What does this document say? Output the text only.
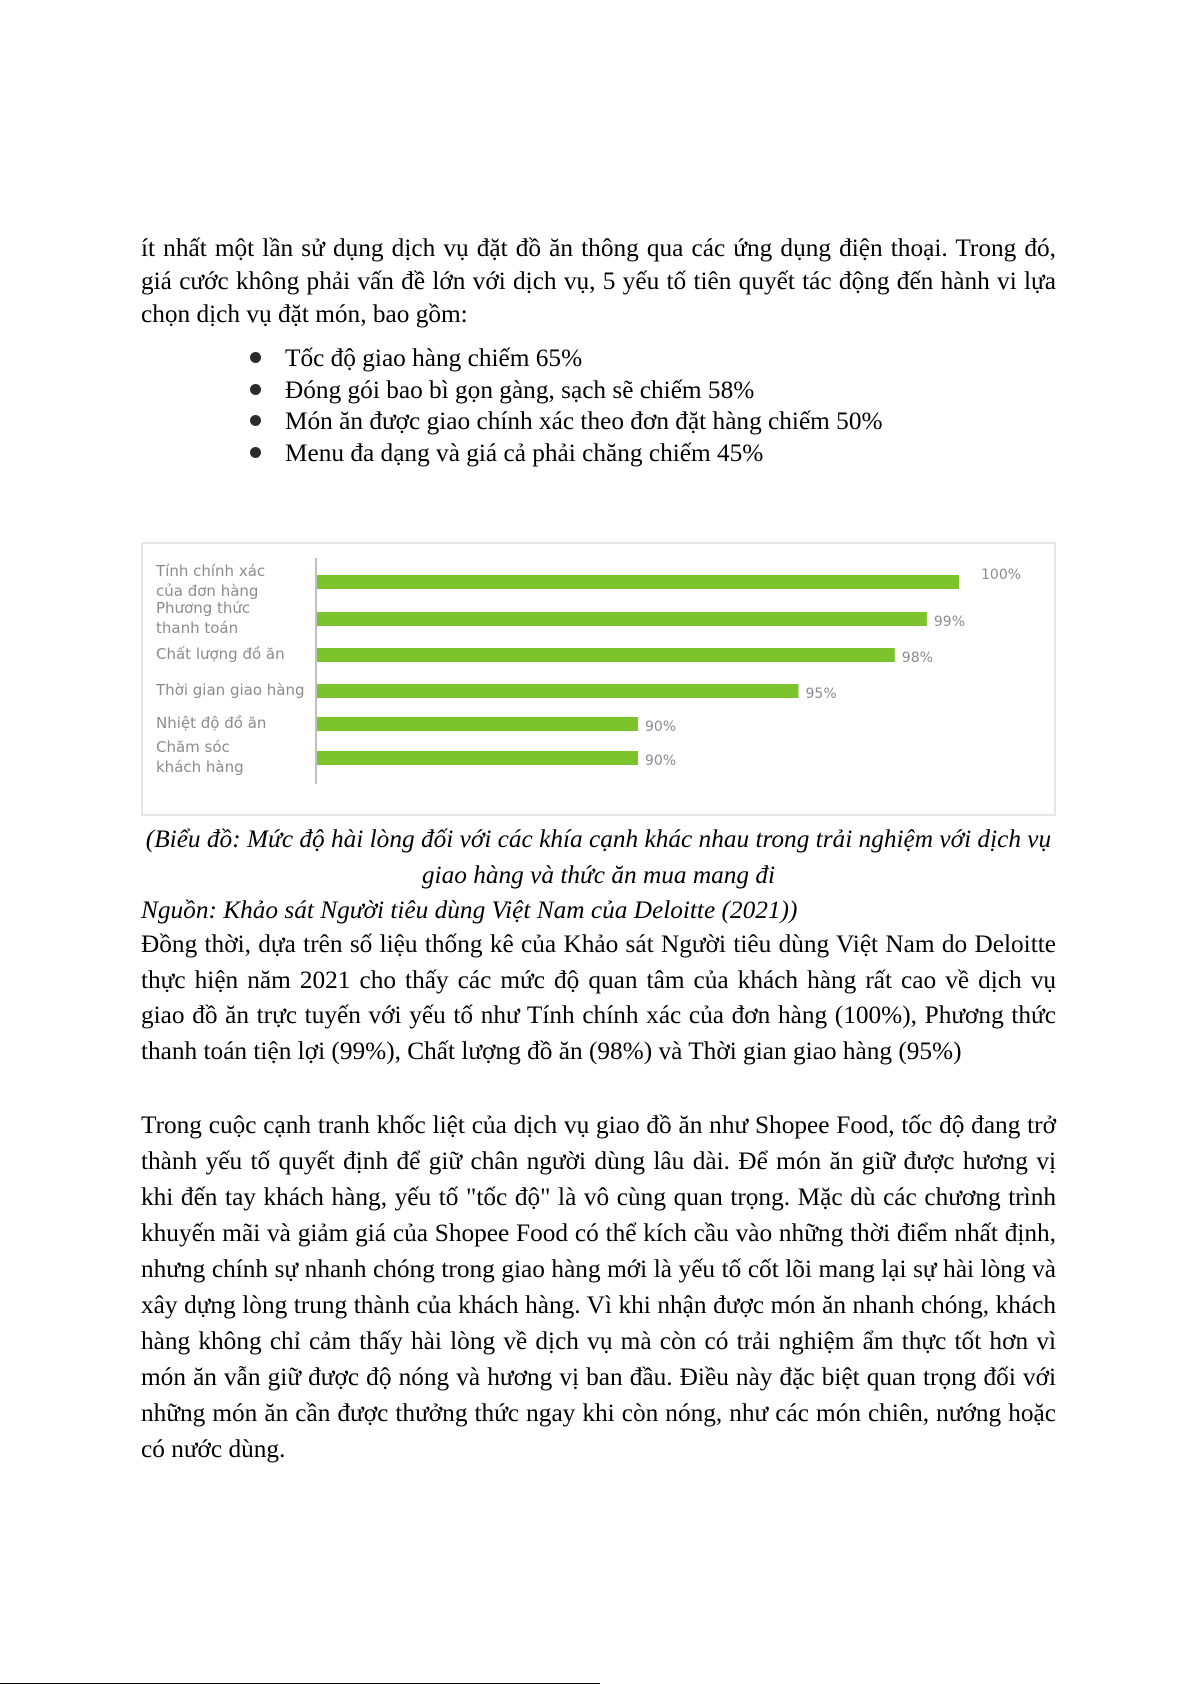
ít nhất một lần sử dụng dịch vụ đặt đồ ăn thông qua các ứng dụng điện thoại. Trong đó, giá cước không phải vấn đề lớn với dịch vụ, 5 yếu tố tiên quyết tác động đến hành vi lựa chọn dịch vụ đặt món, bao gồm:

Tốc độ giao hàng chiếm 65%
Đóng gói bao bì gọn gàng, sạch sẽ chiếm 58%
Món ăn được giao chính xác theo đơn đặt hàng chiếm 50%
Menu đa dạng và giá cả phải chăng chiếm 45%
100%
Tính chính xác
của đơn hàng
99%
Phương thức
thanh toán
98%
Chất lượng đồ ăn
95%
Thời gian giao hàng
90%
Nhiệt độ đồ ăn
90%
Chăm sóc
khách hàng

(Biểu đồ: Mức độ hài lòng đối với các khía cạnh khác nhau trong trải nghiệm với dịch vụ giao hàng và thức ăn mua mang đi

Nguồn: Khảo sát Người tiêu dùng Việt Nam của Deloitte (2021))

Đồng thời, dựa trên số liệu thống kê của Khảo sát Người tiêu dùng Việt Nam do Deloitte thực hiện năm 2021 cho thấy các mức độ quan tâm của khách hàng rất cao về dịch vụ giao đồ ăn trực tuyến với yếu tố như Tính chính xác của đơn hàng (100%), Phương thức thanh toán tiện lợi (99%), Chất lượng đồ ăn (98%) và Thời gian giao hàng (95%)

Trong cuộc cạnh tranh khốc liệt của dịch vụ giao đồ ăn như Shopee Food, tốc độ đang trở thành yếu tố quyết định để giữ chân người dùng lâu dài. Để món ăn giữ được hương vị khi đến tay khách hàng, yếu tố "tốc độ" là vô cùng quan trọng. Mặc dù các chương trình khuyến mãi và giảm giá của Shopee Food có thể kích cầu vào những thời điểm nhất định, nhưng chính sự nhanh chóng trong giao hàng mới là yếu tố cốt lõi mang lại sự hài lòng và xây dựng lòng trung thành của khách hàng. Vì khi nhận được món ăn nhanh chóng, khách hàng không chỉ cảm thấy hài lòng về dịch vụ mà còn có trải nghiệm ẩm thực tốt hơn vì món ăn vẫn giữ được độ nóng và hương vị ban đầu. Điều này đặc biệt quan trọng đối với những món ăn cần được thưởng thức ngay khi còn nóng, như các món chiên, nướng hoặc có nước dùng.
